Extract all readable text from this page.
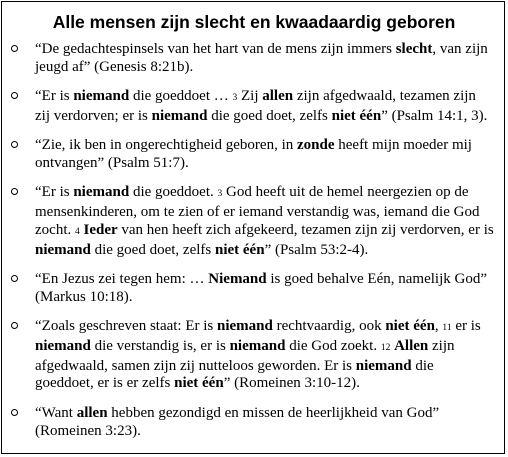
Alle mensen zijn slecht en kwaadaardig geboren
“De gedachtespinsels van het hart van de mens zijn immers slecht, van zijn jeugd af” (Genesis 8:21b).
“Er is niemand die goeddoet … 3 Zij allen zijn afgedwaald, tezamen zijn zij verdorven; er is niemand die goed doet, zelfs niet één” (Psalm 14:1, 3).
“Zie, ik ben in ongerechtigheid geboren, in zonde heeft mijn moeder mij ontvangen” (Psalm 51:7).
“Er is niemand die goeddoet. 3 God heeft uit de hemel neergezien op de mensenkinderen, om te zien of er iemand verstandig was, iemand die God zocht. 4 Ieder van hen heeft zich afgekeerd, tezamen zijn zij verdorven, er is niemand die goed doet, zelfs niet één” (Psalm 53:2-4).
“En Jezus zei tegen hem: … Niemand is goed behalve Eén, namelijk God” (Markus 10:18).
“Zoals geschreven staat: Er is niemand rechtvaardig, ook niet één, 11 er is niemand die verstandig is, er is niemand die God zoekt. 12 Allen zijn afgedwaald, samen zijn zij nutteloos geworden. Er is niemand die goeddoet, er is er zelfs niet één” (Romeinen 3:10-12).
“Want allen hebben gezondigd en missen de heerlijkheid van God” (Romeinen 3:23).
